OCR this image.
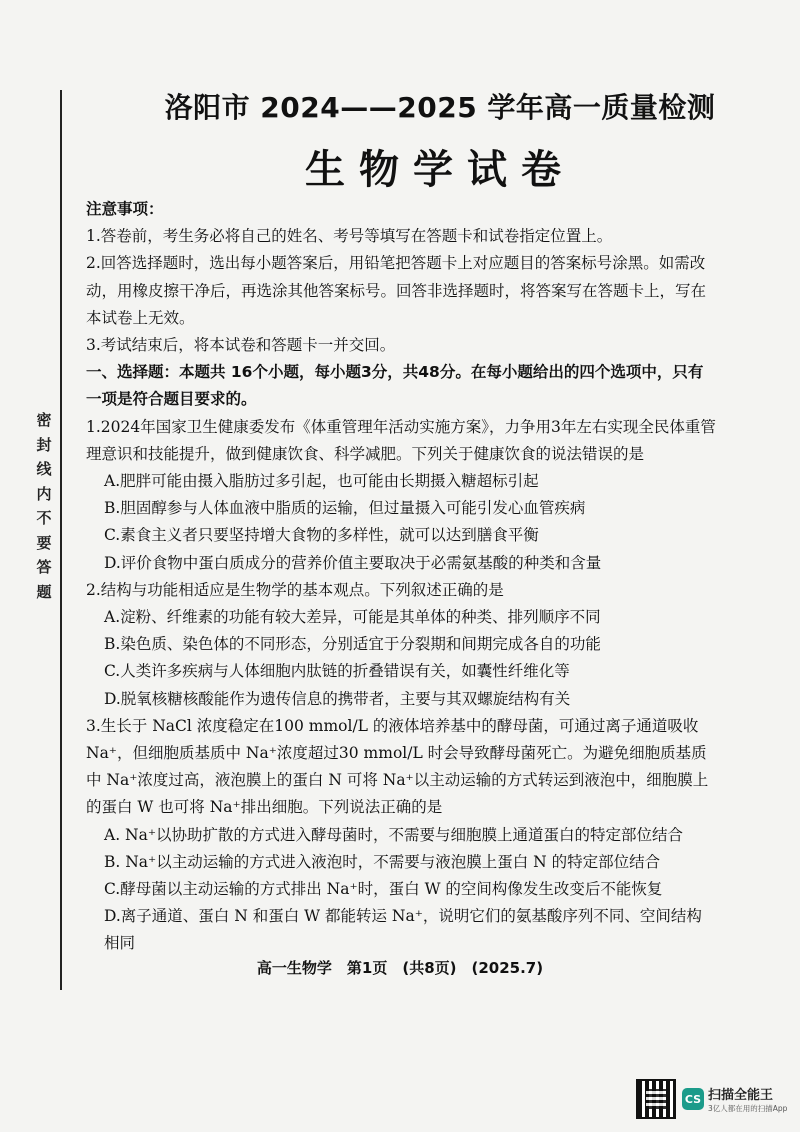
密封线内不要答题
洛阳市 2024——2025 学年高一质量检测
生物学试卷

注意事项：

1.答卷前，考生务必将自己的姓名、考号等填写在答题卡和试卷指定位置上。

2.回答选择题时，选出每小题答案后，用铅笔把答题卡上对应题目的答案标号涂黑。如需改动，用橡皮擦干净后，再选涂其他答案标号。回答非选择题时，将答案写在答题卡上，写在本试卷上无效。

3.考试结束后，将本试卷和答题卡一并交回。

一、选择题：本题共 16个小题，每小题3分，共48分。在每小题给出的四个选项中，只有一项是符合题目要求的。

1.2024年国家卫生健康委发布《体重管理年活动实施方案》，力争用3年左右实现全民体重管理意识和技能提升，做到健康饮食、科学减肥。下列关于健康饮食的说法错误的是

A.肥胖可能由摄入脂肪过多引起，也可能由长期摄入糖超标引起

B.胆固醇参与人体血液中脂质的运输，但过量摄入可能引发心血管疾病

C.素食主义者只要坚持增大食物的多样性，就可以达到膳食平衡

D.评价食物中蛋白质成分的营养价值主要取决于必需氨基酸的种类和含量

2.结构与功能相适应是生物学的基本观点。下列叙述正确的是

A.淀粉、纤维素的功能有较大差异，可能是其单体的种类、排列顺序不同

B.染色质、染色体的不同形态，分别适宜于分裂期和间期完成各自的功能

C.人类许多疾病与人体细胞内肽链的折叠错误有关，如囊性纤维化等

D.脱氧核糖核酸能作为遗传信息的携带者，主要与其双螺旋结构有关

3.生长于 NaCl 浓度稳定在100 mmol/L 的液体培养基中的酵母菌，可通过离子通道吸收 Na⁺，但细胞质基质中 Na⁺浓度超过30 mmol/L 时会导致酵母菌死亡。为避免细胞质基质中 Na⁺浓度过高，液泡膜上的蛋白 N 可将 Na⁺以主动运输的方式转运到液泡中，细胞膜上的蛋白 W 也可将 Na⁺排出细胞。下列说法正确的是

A. Na⁺以协助扩散的方式进入酵母菌时，不需要与细胞膜上通道蛋白的特定部位结合

B. Na⁺以主动运输的方式进入液泡时，不需要与液泡膜上蛋白 N 的特定部位结合

C.酵母菌以主动运输的方式排出 Na⁺时，蛋白 W 的空间构像发生改变后不能恢复

D.离子通道、蛋白 N 和蛋白 W 都能转运 Na⁺，说明它们的氨基酸序列不同、空间结构相同

高一生物学　第1页　(共8页)　(2025.7)
CS 扫描全能王
3亿人都在用的扫描App
